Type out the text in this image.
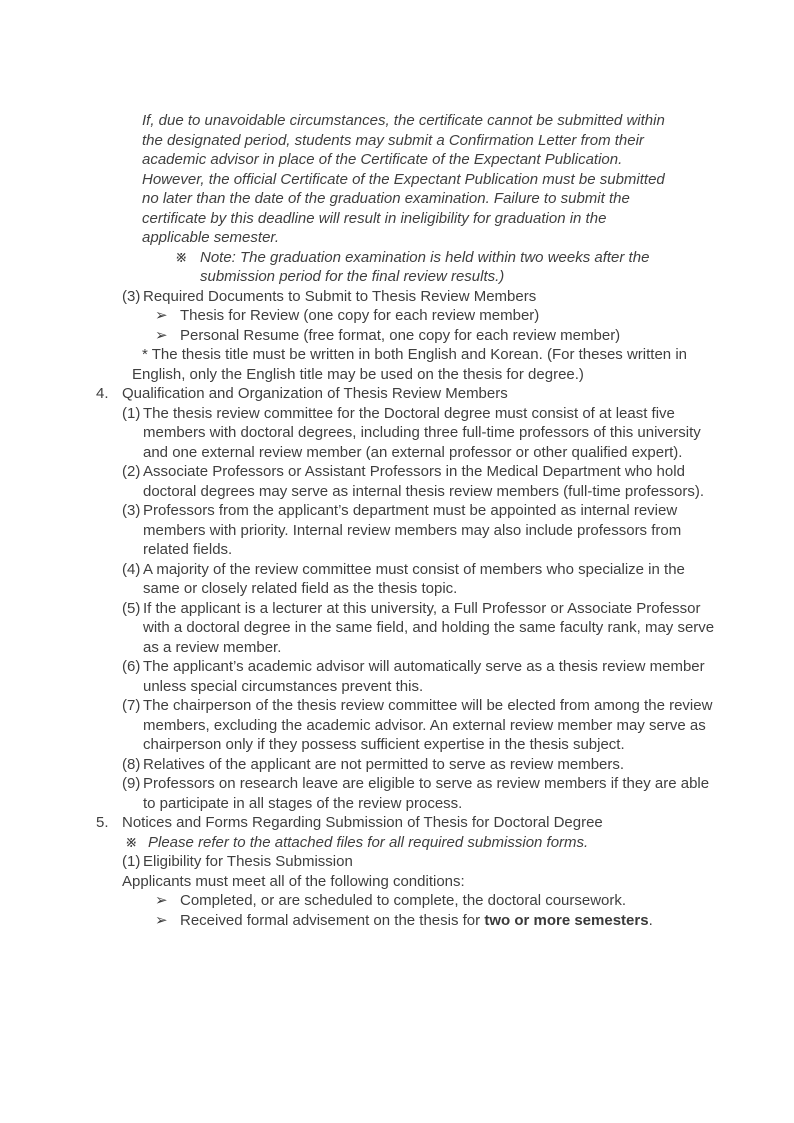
If, due to unavoidable circumstances, the certificate cannot be submitted within the designated period, students may submit a Confirmation Letter from their academic advisor in place of the Certificate of the Expectant Publication. However, the official Certificate of the Expectant Publication must be submitted no later than the date of the graduation examination. Failure to submit the certificate by this deadline will result in ineligibility for graduation in the applicable semester.

※ Note: The graduation examination is held within two weeks after the submission period for the final review results.)
(3) Required Documents to Submit to Thesis Review Members
➢ Thesis for Review (one copy for each review member)
➢ Personal Resume (free format, one copy for each review member)

* The thesis title must be written in both English and Korean. (For theses written in English, only the English title may be used on the thesis for degree.)

4. Qualification and Organization of Thesis Review Members
(1) The thesis review committee for the Doctoral degree must consist of at least five members with doctoral degrees, including three full-time professors of this university and one external review member (an external professor or other qualified expert).
(2) Associate Professors or Assistant Professors in the Medical Department who hold doctoral degrees may serve as internal thesis review members (full-time professors).
(3) Professors from the applicant’s department must be appointed as internal review members with priority. Internal review members may also include professors from related fields.
(4) A majority of the review committee must consist of members who specialize in the same or closely related field as the thesis topic.
(5) If the applicant is a lecturer at this university, a Full Professor or Associate Professor with a doctoral degree in the same field, and holding the same faculty rank, may serve as a review member.
(6) The applicant’s academic advisor will automatically serve as a thesis review member unless special circumstances prevent this.
(7) The chairperson of the thesis review committee will be elected from among the review members, excluding the academic advisor. An external review member may serve as chairperson only if they possess sufficient expertise in the thesis subject.
(8) Relatives of the applicant are not permitted to serve as review members.
(9) Professors on research leave are eligible to serve as review members if they are able to participate in all stages of the review process.
5. Notices and Forms Regarding Submission of Thesis for Doctoral Degree
※ Please refer to the attached files for all required submission forms.
(1) Eligibility for Thesis Submission
Applicants must meet all of the following conditions:
➢ Completed, or are scheduled to complete, the doctoral coursework.
➢ Received formal advisement on the thesis for two or more semesters.
